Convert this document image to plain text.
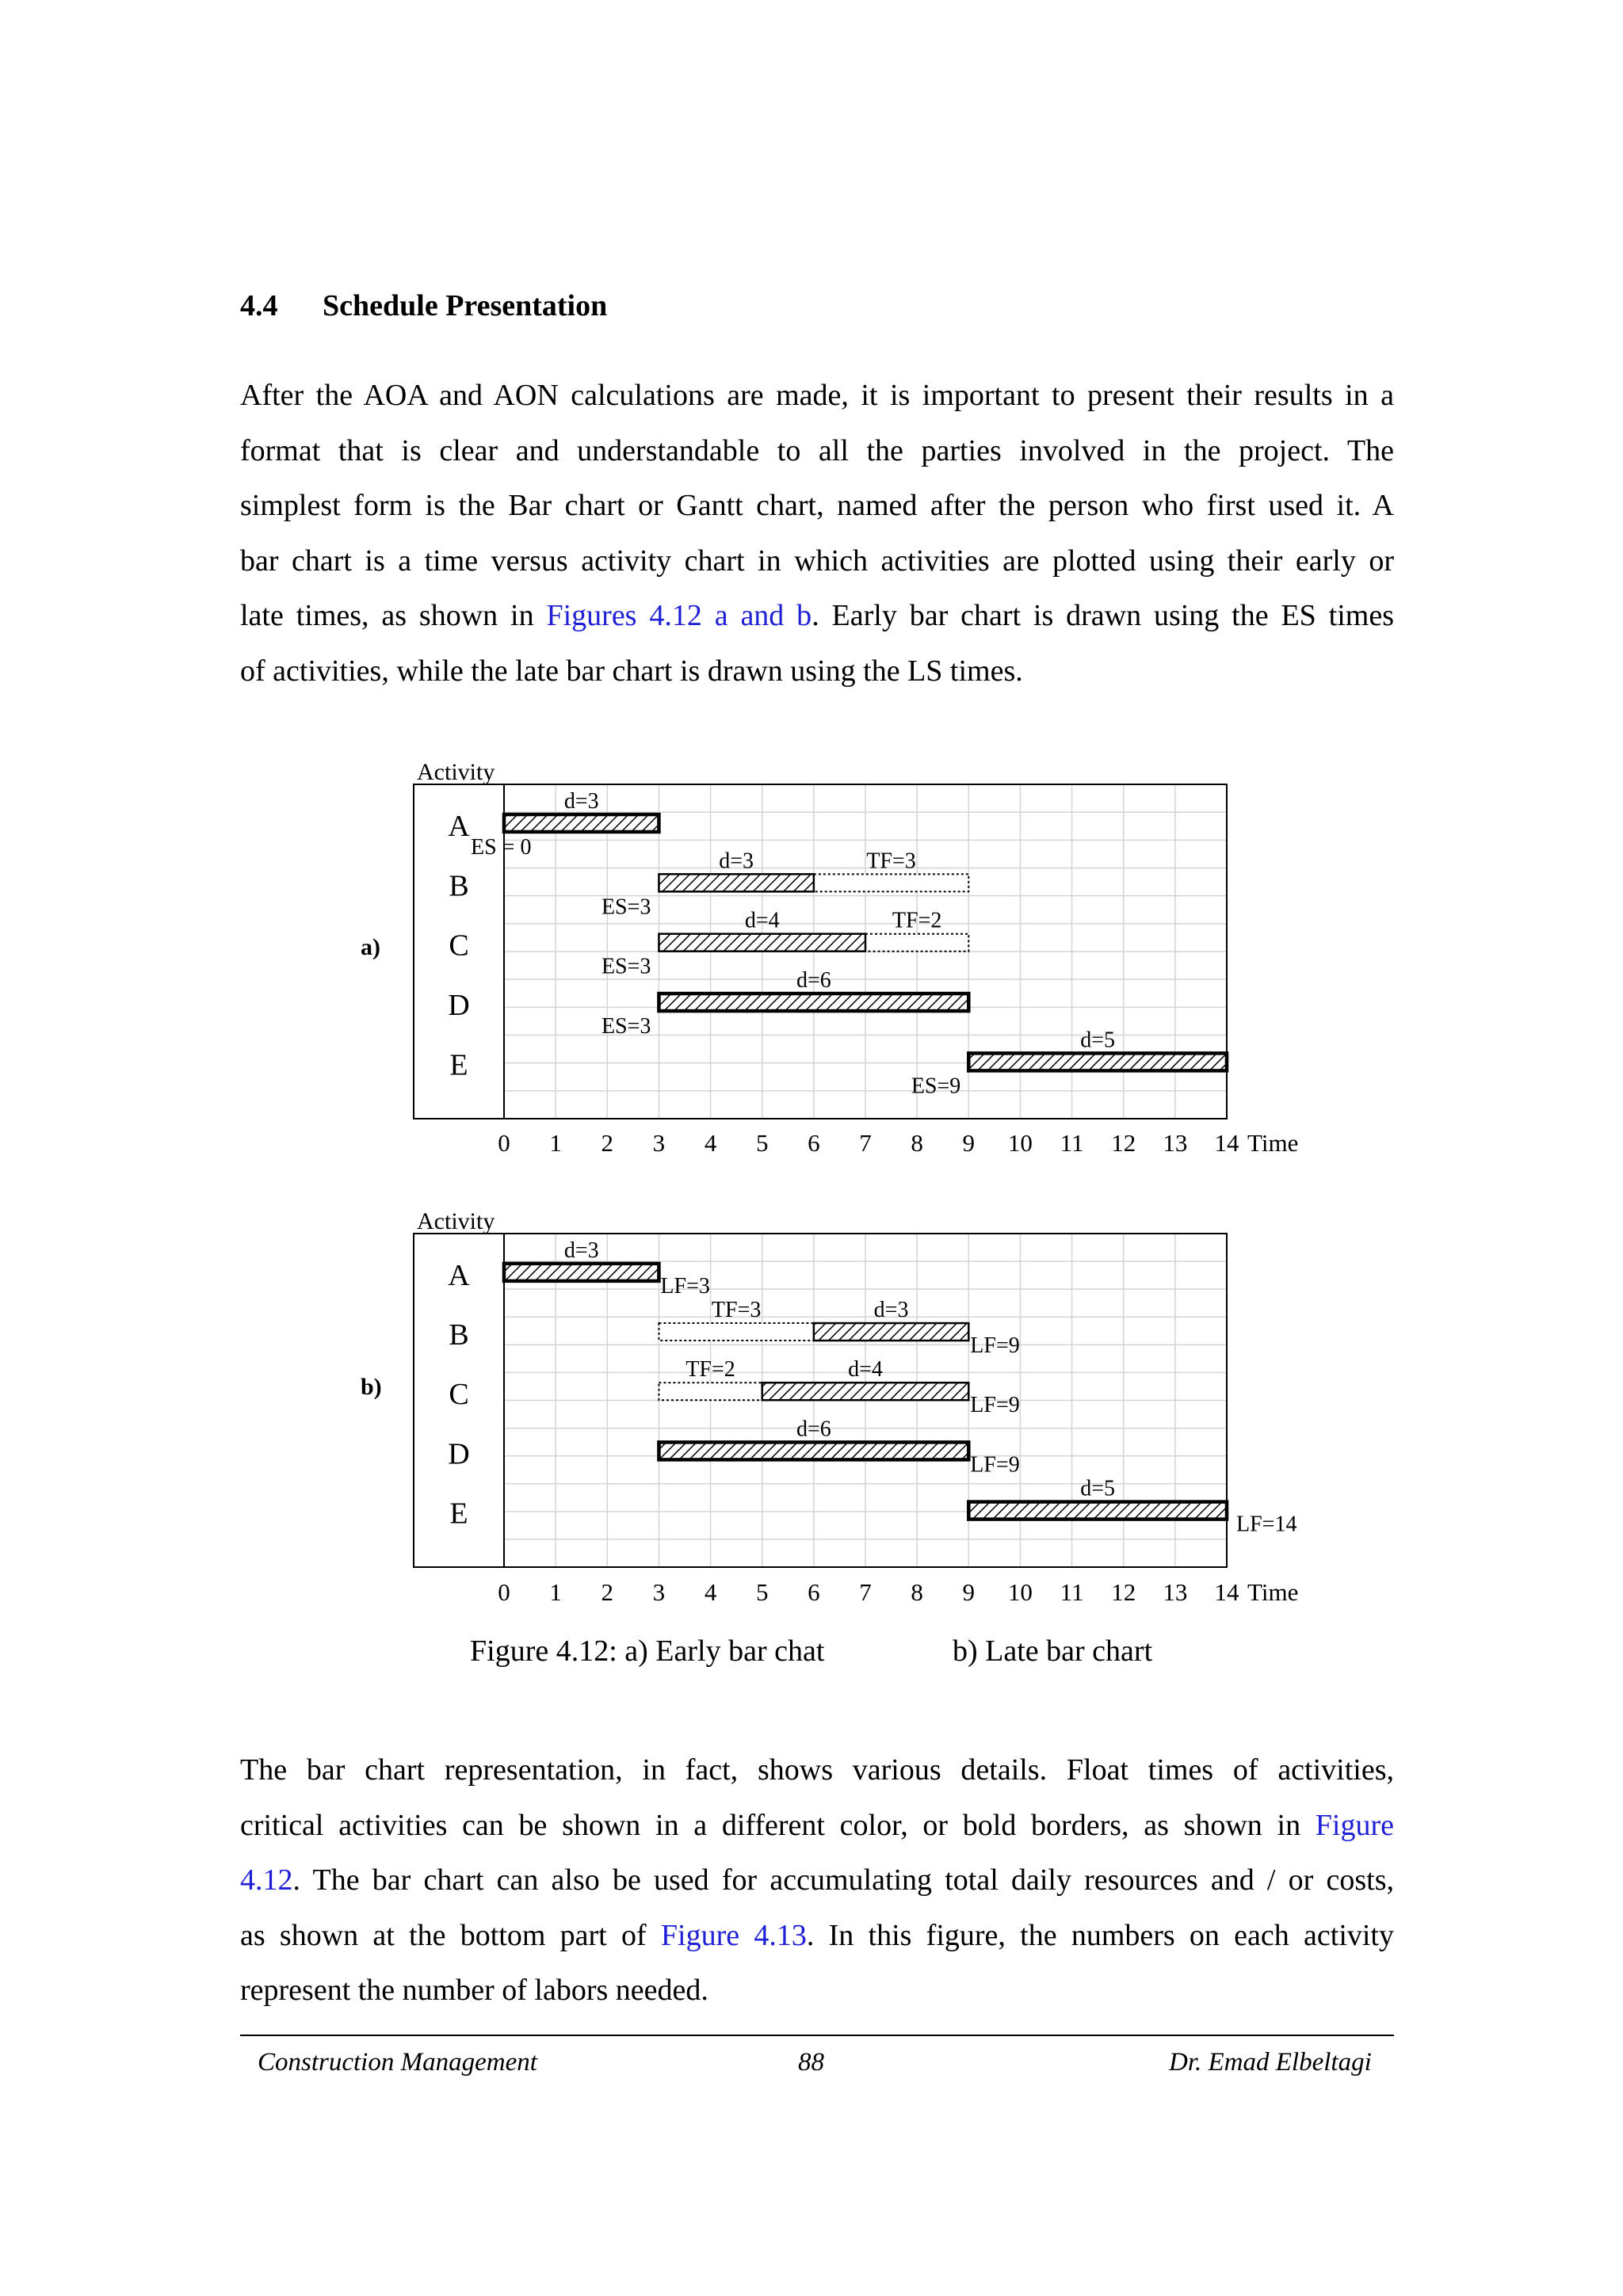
4.4 Schedule Presentation
After the AOA and AON calculations are made, it is important to present their results in a
format that is clear and understandable to all the parties involved in the project. The
simplest form is the Bar chart or Gantt chart, named after the person who first used it. A
bar chart is a time versus activity chart in which activities are plotted using their early or
late times, as shown in Figures 4.12 a and b. Early bar chart is drawn using the ES times
of activities, while the late bar chart is drawn using the LS times.
Activity
a)
A
B
C
D
E
0 1 2 3 4 5 6 7 8 9 10 11 12 13 14 Time
d=3
ES = 0
TF=3
d=3
ES=3
TF=2
d=4
ES=3
d=6
ES=3
d=5
ES=9
Activity
b)
A
B
C
D
E
0 1 2 3 4 5 6 7 8 9 10 11 12 13 14 Time
d=3
LF=3
TF=3	d=3
LF=9
TF=2	d=4
LF=9
d=6
LF=9
d=5
LF=14
Figure 4.12: a) Early bar chat	b) Late bar chart
The bar chart representation, in fact, shows various details. Float times of activities,
critical activities can be shown in a different color, or bold borders, as shown in Figure
4.12. The bar chart can also be used for accumulating total daily resources and / or costs,
as shown at the bottom part of Figure 4.13. In this figure, the numbers on each activity
represent the number of labors needed.
Construction Management	88	Dr. Emad Elbeltagi
